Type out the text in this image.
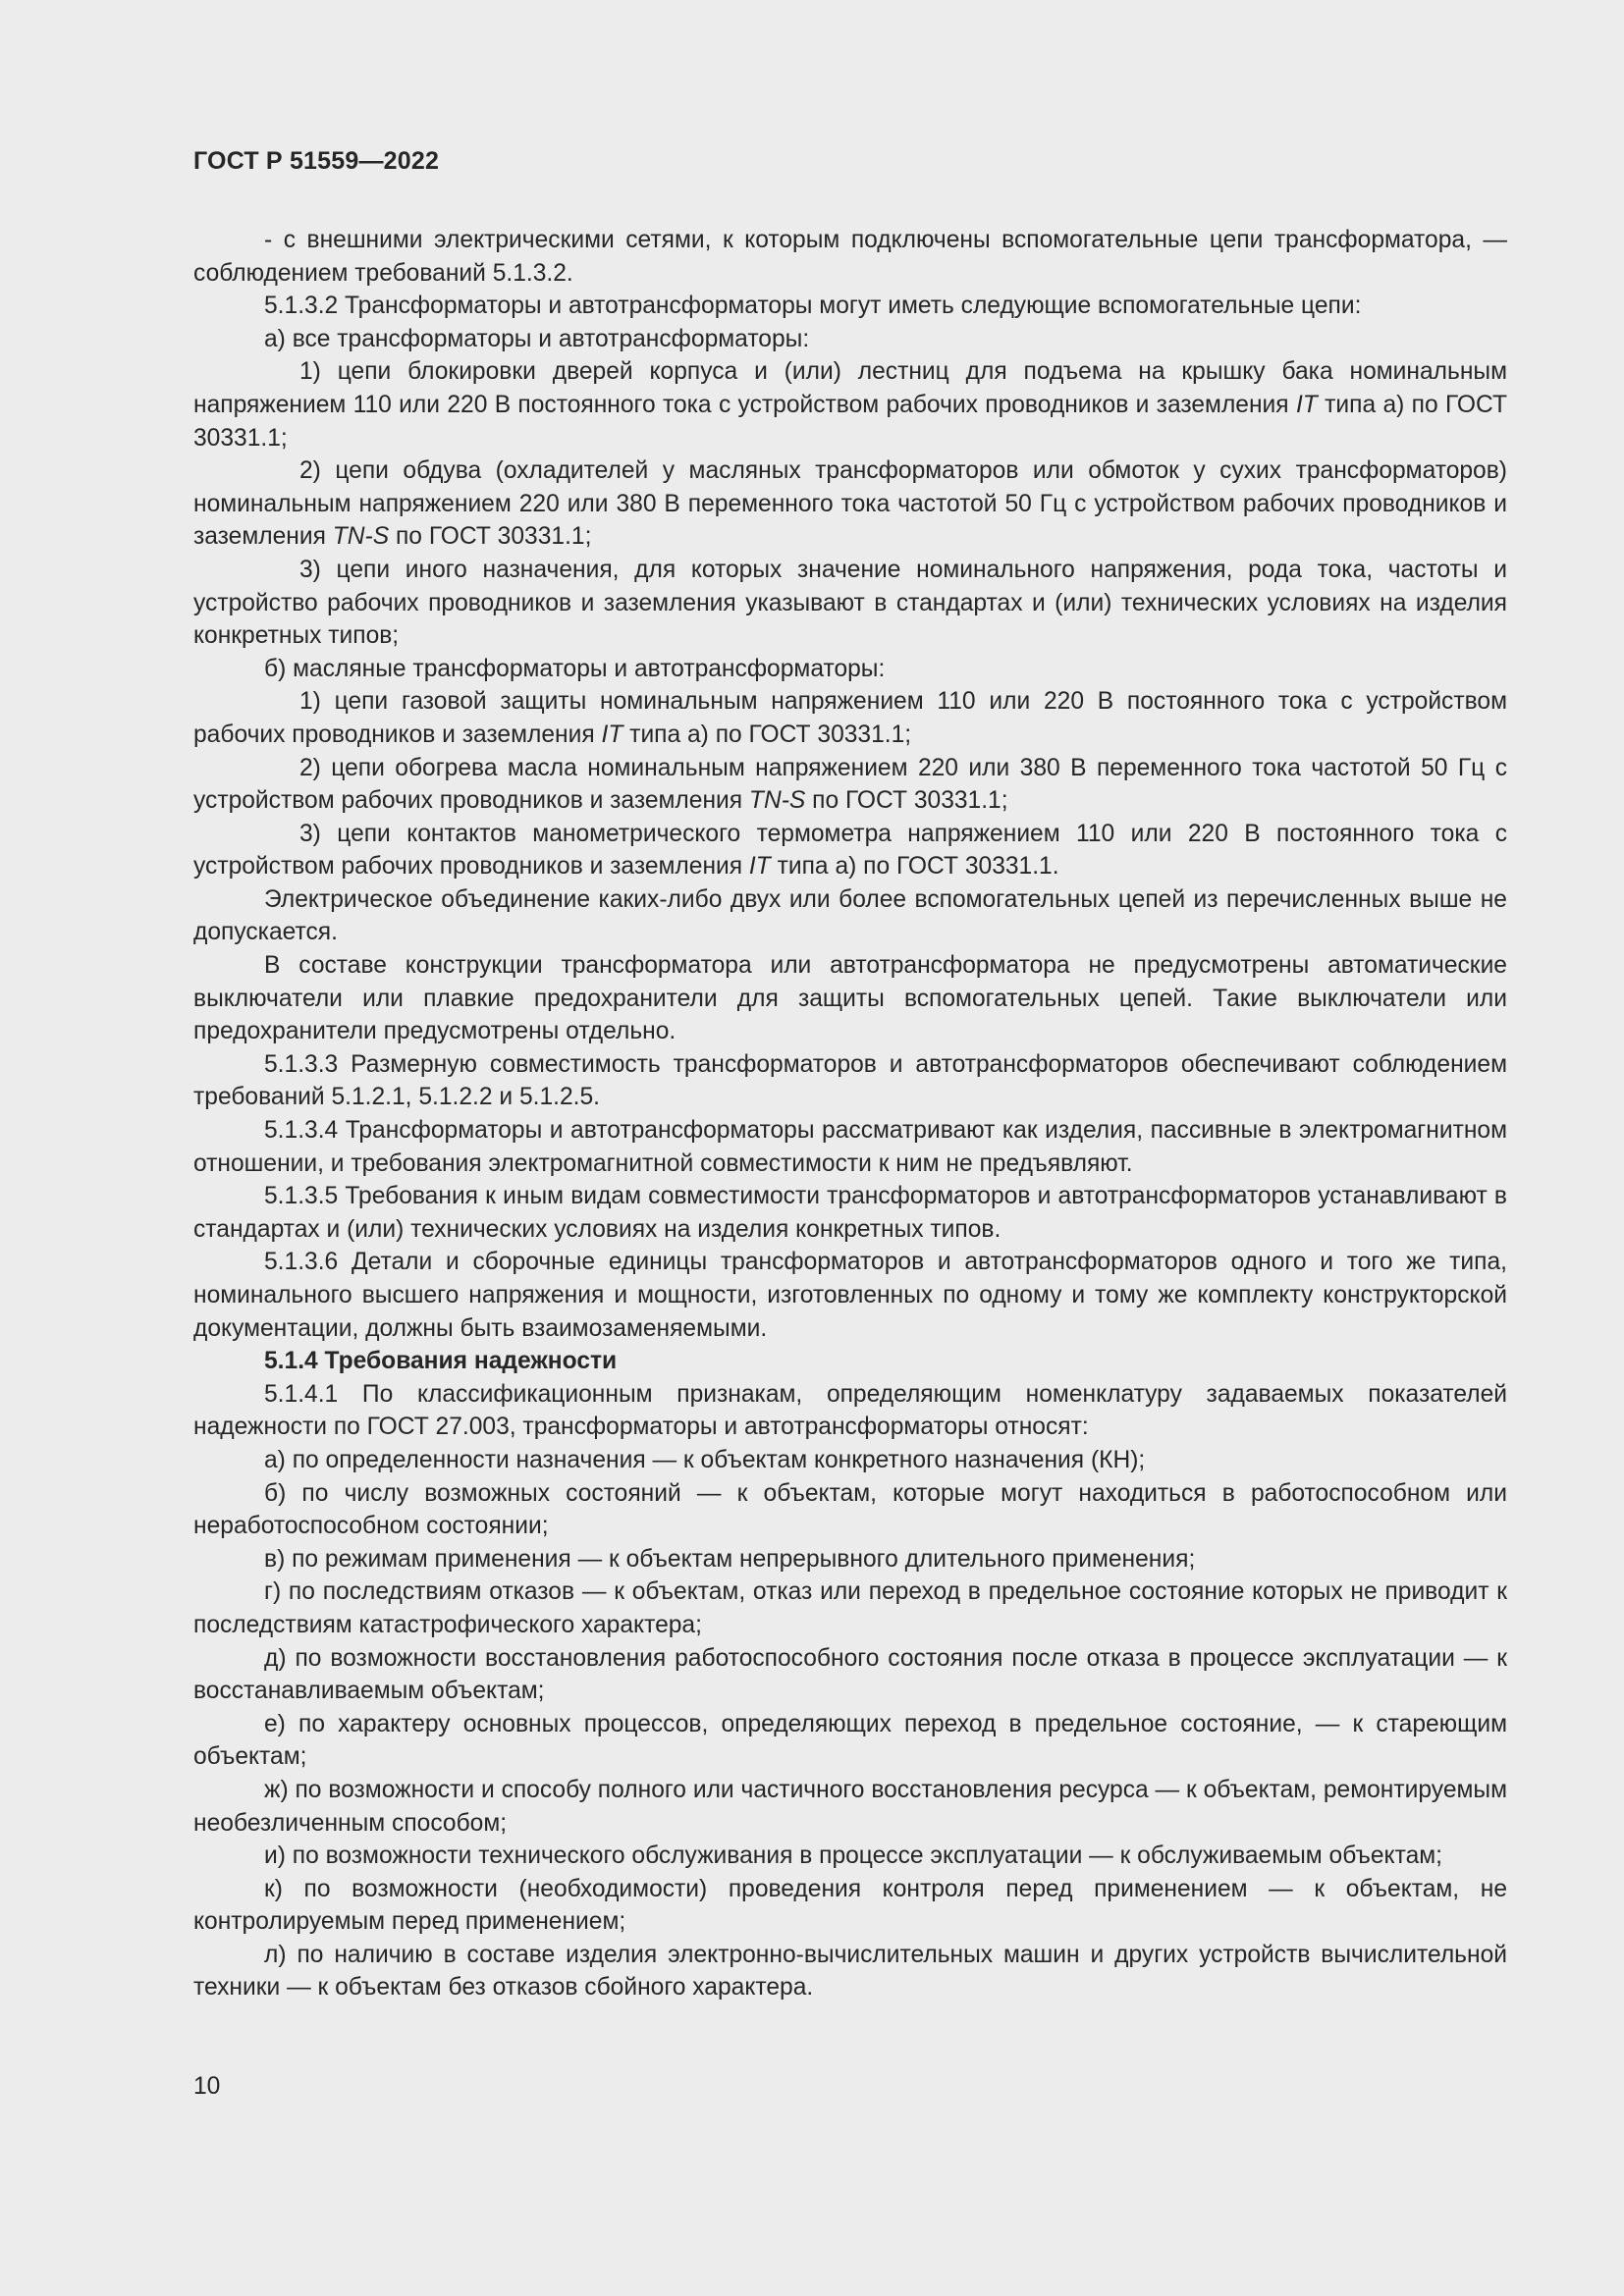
ГОСТ Р 51559—2022

- с внешними электрическими сетями, к которым подключены вспомогательные цепи трансформатора, — соблюдением требований 5.1.3.2.

5.1.3.2 Трансформаторы и автотрансформаторы могут иметь следующие вспомогательные цепи:

а) все трансформаторы и автотрансформаторы:

1) цепи блокировки дверей корпуса и (или) лестниц для подъема на крышку бака номинальным напряжением 110 или 220 В постоянного тока с устройством рабочих проводников и заземления IT типа а) по ГОСТ 30331.1;

2) цепи обдува (охладителей у масляных трансформаторов или обмоток у сухих трансформаторов) номинальным напряжением 220 или 380 В переменного тока частотой 50 Гц с устройством рабочих проводников и заземления TN-S по ГОСТ 30331.1;

3) цепи иного назначения, для которых значение номинального напряжения, рода тока, частоты и устройство рабочих проводников и заземления указывают в стандартах и (или) технических условиях на изделия конкретных типов;

б) масляные трансформаторы и автотрансформаторы:

1) цепи газовой защиты номинальным напряжением 110 или 220 В постоянного тока с устройством рабочих проводников и заземления IT типа а) по ГОСТ 30331.1;

2) цепи обогрева масла номинальным напряжением 220 или 380 В переменного тока частотой 50 Гц с устройством рабочих проводников и заземления TN-S по ГОСТ 30331.1;

3) цепи контактов манометрического термометра напряжением 110 или 220 В постоянного тока с устройством рабочих проводников и заземления IT типа а) по ГОСТ 30331.1.

Электрическое объединение каких-либо двух или более вспомогательных цепей из перечисленных выше не допускается.

В составе конструкции трансформатора или автотрансформатора не предусмотрены автоматические выключатели или плавкие предохранители для защиты вспомогательных цепей. Такие выключатели или предохранители предусмотрены отдельно.

5.1.3.3 Размерную совместимость трансформаторов и автотрансформаторов обеспечивают соблюдением требований 5.1.2.1, 5.1.2.2 и 5.1.2.5.

5.1.3.4 Трансформаторы и автотрансформаторы рассматривают как изделия, пассивные в электромагнитном отношении, и требования электромагнитной совместимости к ним не предъявляют.

5.1.3.5 Требования к иным видам совместимости трансформаторов и автотрансформаторов устанавливают в стандартах и (или) технических условиях на изделия конкретных типов.

5.1.3.6 Детали и сборочные единицы трансформаторов и автотрансформаторов одного и того же типа, номинального высшего напряжения и мощности, изготовленных по одному и тому же комплекту конструкторской документации, должны быть взаимозаменяемыми.

5.1.4 Требования надежности

5.1.4.1 По классификационным признакам, определяющим номенклатуру задаваемых показателей надежности по ГОСТ 27.003, трансформаторы и автотрансформаторы относят:

а) по определенности назначения — к объектам конкретного назначения (КН);

б) по числу возможных состояний — к объектам, которые могут находиться в работоспособном или неработоспособном состоянии;

в) по режимам применения — к объектам непрерывного длительного применения;

г) по последствиям отказов — к объектам, отказ или переход в предельное состояние которых не приводит к последствиям катастрофического характера;

д) по возможности восстановления работоспособного состояния после отказа в процессе эксплуатации — к восстанавливаемым объектам;

е) по характеру основных процессов, определяющих переход в предельное состояние, — к стареющим объектам;

ж) по возможности и способу полного или частичного восстановления ресурса — к объектам, ремонтируемым необезличенным способом;

и) по возможности технического обслуживания в процессе эксплуатации — к обслуживаемым объектам;

к) по возможности (необходимости) проведения контроля перед применением — к объектам, не контролируемым перед применением;

л) по наличию в составе изделия электронно-вычислительных машин и других устройств вычислительной техники — к объектам без отказов сбойного характера.

10
